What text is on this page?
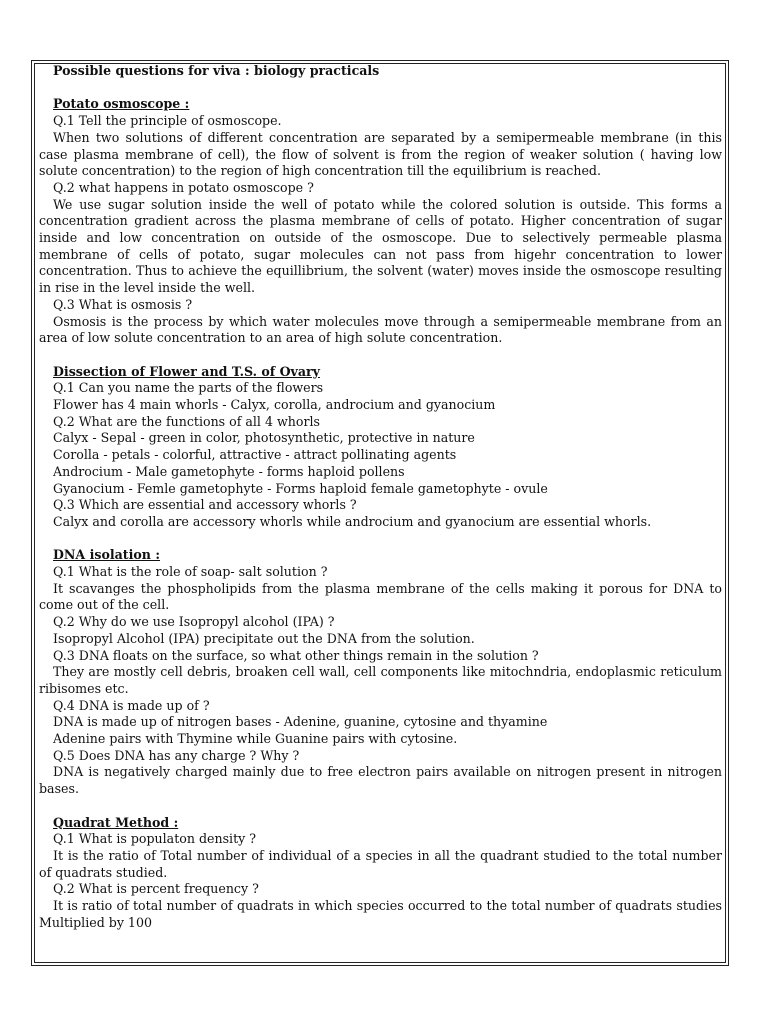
Possible questions for viva : biology practicals

Potato osmoscope :

Q.1 Tell the principle of osmoscope.

When two solutions of different concentration are separated by a semipermeable membrane (in this case plasma membrane of cell), the flow of solvent is from the region of weaker solution ( having low solute concentration) to the region of high concentration till the equilibrium is reached.

Q.2 what happens in potato osmoscope ?

We use sugar solution inside the well of potato while the colored solution is outside. This forms a concentration gradient across the plasma membrane of cells of potato. Higher concentration of sugar inside and low concentration on outside of the osmoscope. Due to selectively permeable plasma membrane of cells of potato, sugar molecules can not pass from higehr concentration to lower concentration. Thus to achieve the equillibrium, the solvent (water) moves inside the osmoscope resulting in rise in the level inside the well.

Q.3 What is osmosis ?

Osmosis is the process by which water molecules move through a semipermeable membrane from an area of low solute concentration to an area of high solute concentration.

Dissection of Flower and T.S. of Ovary

Q.1 Can you name the parts of the flowers

Flower has 4 main whorls - Calyx, corolla, androcium and gyanocium

Q.2 What are the functions of all 4 whorls

Calyx - Sepal - green in color, photosynthetic, protective in nature

Corolla - petals - colorful, attractive - attract pollinating agents

Androcium - Male gametophyte - forms haploid pollens

Gyanocium - Femle gametophyte - Forms haploid female gametophyte - ovule

Q.3 Which are essential and accessory whorls ?

Calyx and corolla are accessory whorls while androcium and gyanocium are essential whorls.

DNA isolation :

Q.1 What is the role of soap- salt solution ?

It scavanges the phospholipids from the plasma membrane of the cells making it porous for DNA to come out of the cell.

Q.2 Why do we use Isopropyl alcohol (IPA) ?

Isopropyl Alcohol (IPA) precipitate out the DNA from the solution.

Q.3 DNA floats on the surface, so what other things remain in the solution ?

They are mostly cell debris, broaken cell wall, cell components like mitochndria, endoplasmic reticulum ribisomes etc.

Q.4 DNA is made up of ?

DNA is made up of nitrogen bases - Adenine, guanine, cytosine and thyamine

Adenine pairs with Thymine while Guanine pairs with cytosine.

Q.5 Does DNA has any charge ? Why ?

DNA is negatively charged mainly due to free electron pairs available on nitrogen present in nitrogen bases.

Quadrat Method :

Q.1 What is populaton density ?

It is the ratio of Total number of individual of a species in all the quadrant studied to the total number of quadrats studied.

Q.2 What is percent frequency ?

It is ratio of total number of quadrats in which species occurred to the total number of quadrats studies Multiplied by 100
